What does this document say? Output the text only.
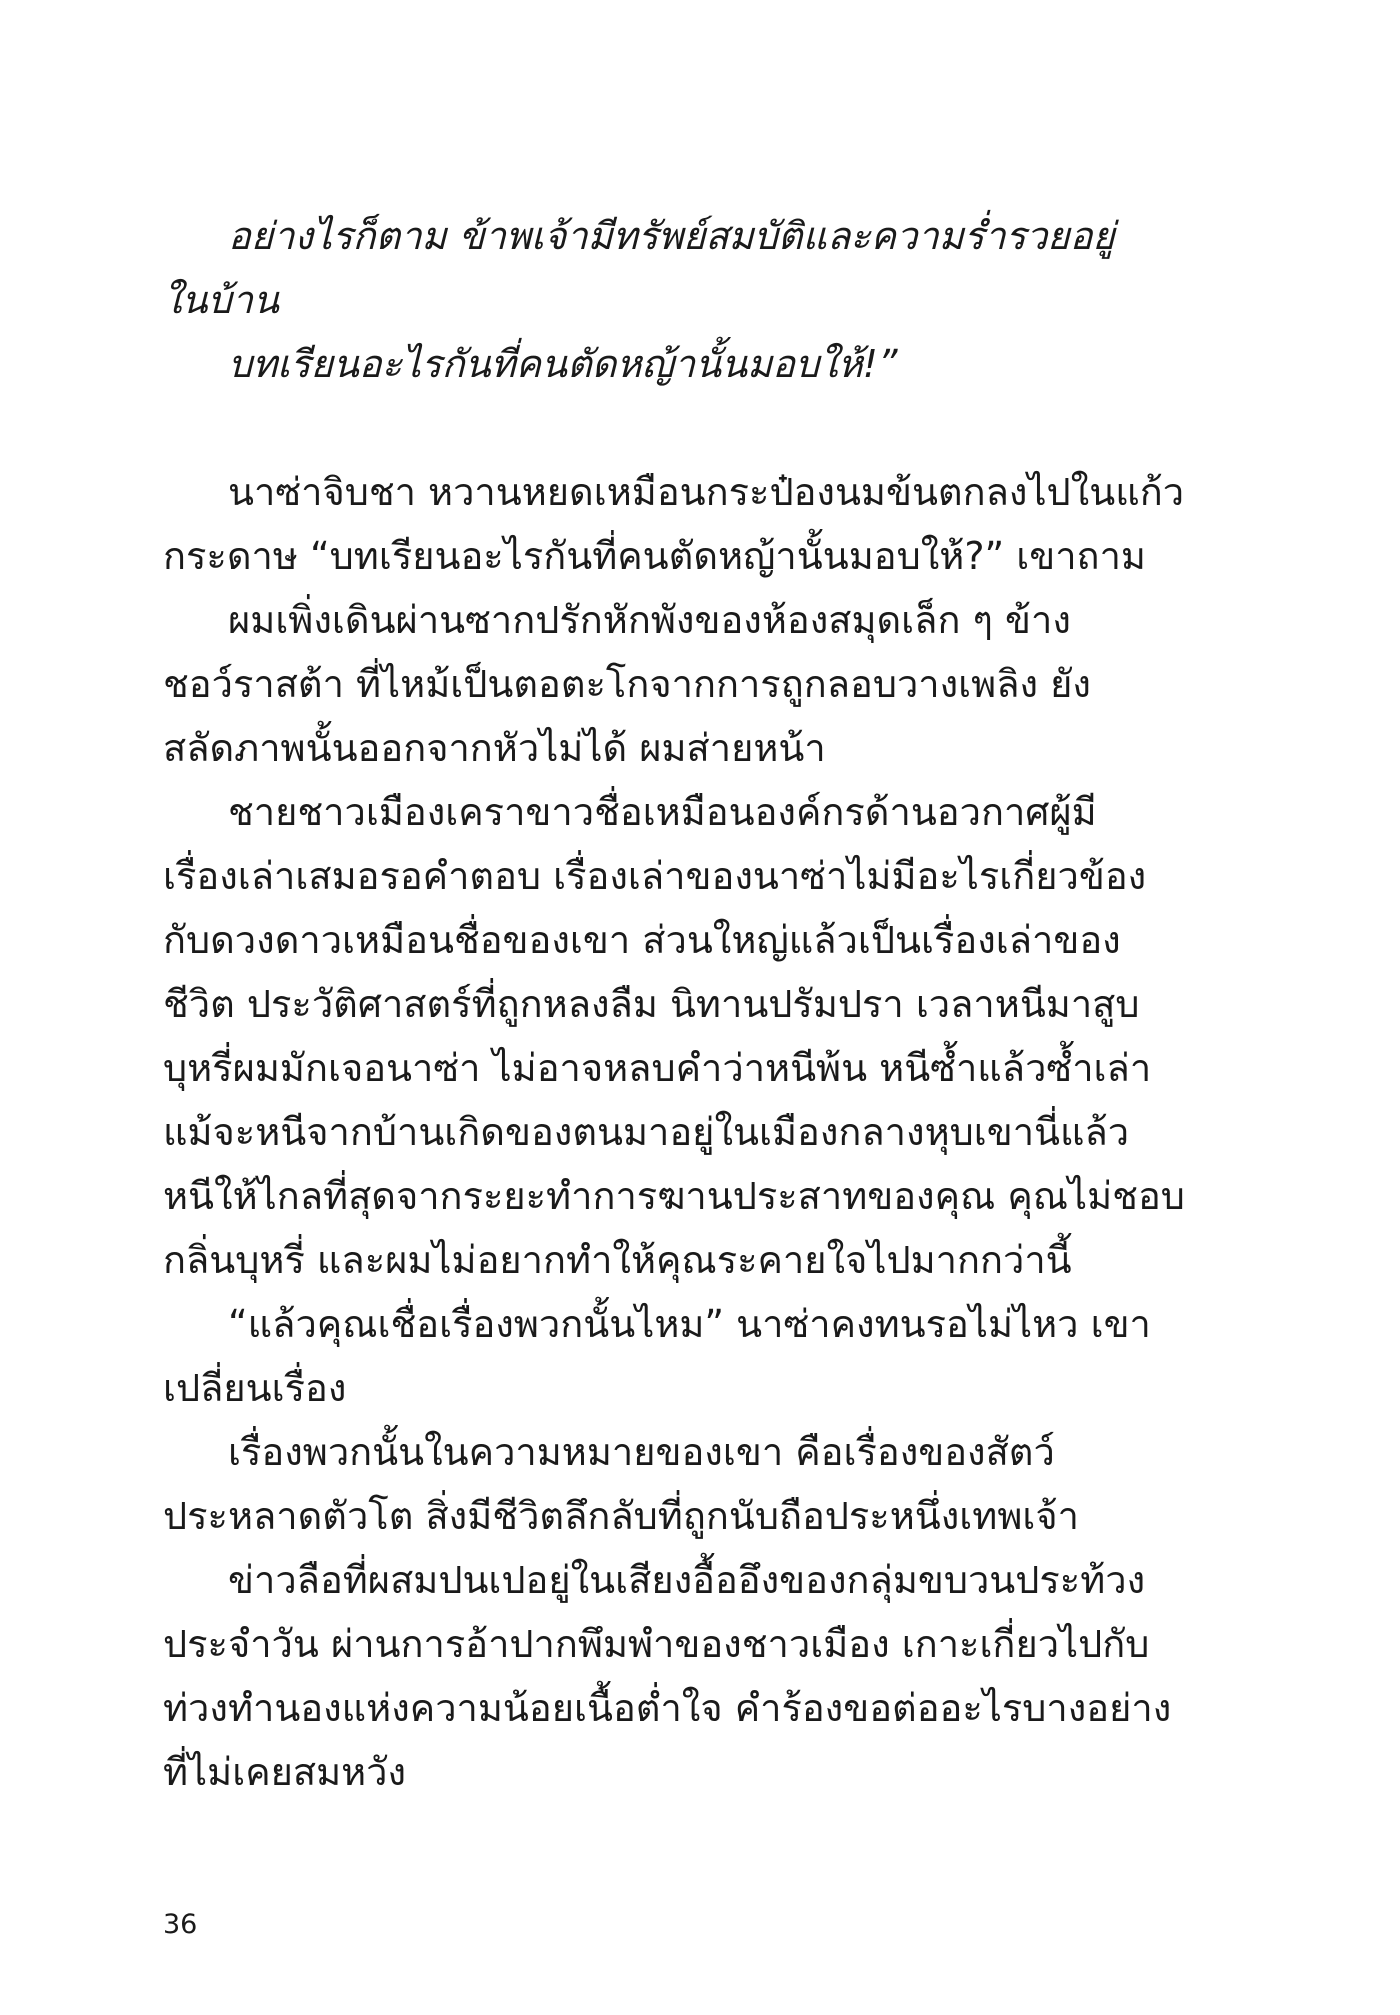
อย่างไรก็ตาม ข้าพเจ้ามีทรัพย์สมบัติและความร่ำรวยอยู่
ในบ้าน
บทเรียนอะไรกันที่คนตัดหญ้านั้นมอบให้!”
นาซ่าจิบชา หวานหยดเหมือนกระป๋องนมข้นตกลงไปในแก้ว
กระดาษ “บทเรียนอะไรกันที่คนตัดหญ้านั้นมอบให้?” เขาถาม
ผมเพิ่งเดินผ่านซากปรักหักพังของห้องสมุดเล็ก ๆ ข้าง
ชอว์ราสต้า ที่ไหม้เป็นตอตะโกจากการถูกลอบวางเพลิง ยัง
สลัดภาพนั้นออกจากหัวไม่ได้ ผมส่ายหน้า
ชายชาวเมืองเคราขาวชื่อเหมือนองค์กรด้านอวกาศผู้มี
เรื่องเล่าเสมอรอคำตอบ เรื่องเล่าของนาซ่าไม่มีอะไรเกี่ยวข้อง
กับดวงดาวเหมือนชื่อของเขา ส่วนใหญ่แล้วเป็นเรื่องเล่าของ
ชีวิต ประวัติศาสตร์ที่ถูกหลงลืม นิทานปรัมปรา เวลาหนีมาสูบ
บุหรี่ผมมักเจอนาซ่า ไม่อาจหลบคำว่าหนีพ้น หนีซ้ำแล้วซ้ำเล่า
แม้จะหนีจากบ้านเกิดของตนมาอยู่ในเมืองกลางหุบเขานี่แล้ว
หนีให้ไกลที่สุดจากระยะทำการฆานประสาทของคุณ คุณไม่ชอบ
กลิ่นบุหรี่ และผมไม่อยากทำให้คุณระคายใจไปมากกว่านี้
“แล้วคุณเชื่อเรื่องพวกนั้นไหม” นาซ่าคงทนรอไม่ไหว เขา
เปลี่ยนเรื่อง
เรื่องพวกนั้นในความหมายของเขา คือเรื่องของสัตว์
ประหลาดตัวโต สิ่งมีชีวิตลึกลับที่ถูกนับถือประหนึ่งเทพเจ้า
ข่าวลือที่ผสมปนเปอยู่ในเสียงอื้ออึงของกลุ่มขบวนประท้วง
ประจำวัน ผ่านการอ้าปากพึมพำของชาวเมือง เกาะเกี่ยวไปกับ
ท่วงทำนองแห่งความน้อยเนื้อต่ำใจ คำร้องขอต่ออะไรบางอย่าง
ที่ไม่เคยสมหวัง
36
